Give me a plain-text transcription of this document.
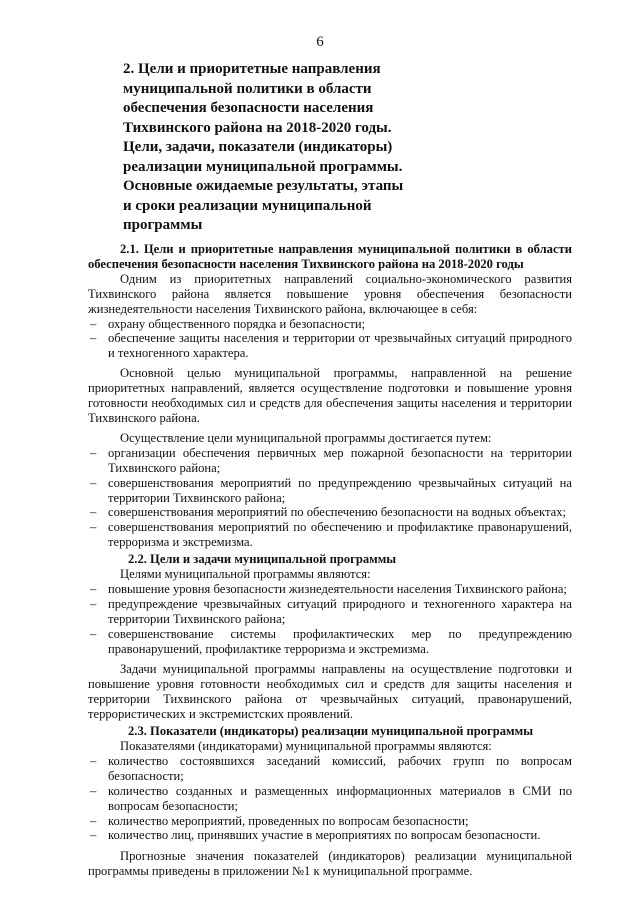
6
2. Цели и приоритетные направления
муниципальной политики в области
обеспечения безопасности населения
Тихвинского района на 2018-2020 годы.
Цели, задачи, показатели (индикаторы)
реализации муниципальной программы.
Основные ожидаемые результаты, этапы
и сроки реализации муниципальной
программы
2.1. Цели и приоритетные направления муниципальной политики в области обеспечения безопасности населения Тихвинского района на 2018-2020 годы

Одним из приоритетных направлений социально-экономического развития Тихвинского района является повышение уровня обеспечения безопасности жизнедеятельности населения Тихвинского района, включающее в себя:

– охрану общественного порядка и безопасности;
– обеспечение защиты населения и территории от чрезвычайных ситуаций природного и техногенного характера.

Основной целью муниципальной программы, направленной на решение приоритетных направлений, является осуществление подготовки и повышение уровня готовности необходимых сил и средств для обеспечения защиты населения и территории Тихвинского района.

Осуществление цели муниципальной программы достигается путем:

– организации обеспечения первичных мер пожарной безопасности на территории Тихвинского района;
– совершенствования мероприятий по предупреждению чрезвычайных ситуаций на территории Тихвинского района;
– совершенствования мероприятий по обеспечению безопасности на водных объектах;
– совершенствования мероприятий по обеспечению и профилактике правонарушений, терроризма и экстремизма.
2.2. Цели и задачи муниципальной программы

Целями муниципальной программы являются:

– повышение уровня безопасности жизнедеятельности населения Тихвинского района;
– предупреждение чрезвычайных ситуаций природного и техногенного характера на территории Тихвинского района;
– совершенствование системы профилактических мер по предупреждению правонарушений, профилактике терроризма и экстремизма.

Задачи муниципальной программы направлены на осуществление подготовки и повышение уровня готовности необходимых сил и средств для защиты населения и территории Тихвинского района от чрезвычайных ситуаций, правонарушений, террористических и экстремистских проявлений.

2.3. Показатели (индикаторы) реализации муниципальной программы

Показателями (индикаторами) муниципальной программы являются:

– количество состоявшихся заседаний комиссий, рабочих групп по вопросам безопасности;
– количество созданных и размещенных информационных материалов в СМИ по вопросам безопасности;
– количество мероприятий, проведенных по вопросам безопасности;
– количество лиц, принявших участие в мероприятиях по вопросам безопасности.

Прогнозные значения показателей (индикаторов) реализации муниципальной программы приведены в приложении №1 к муниципальной программе.
